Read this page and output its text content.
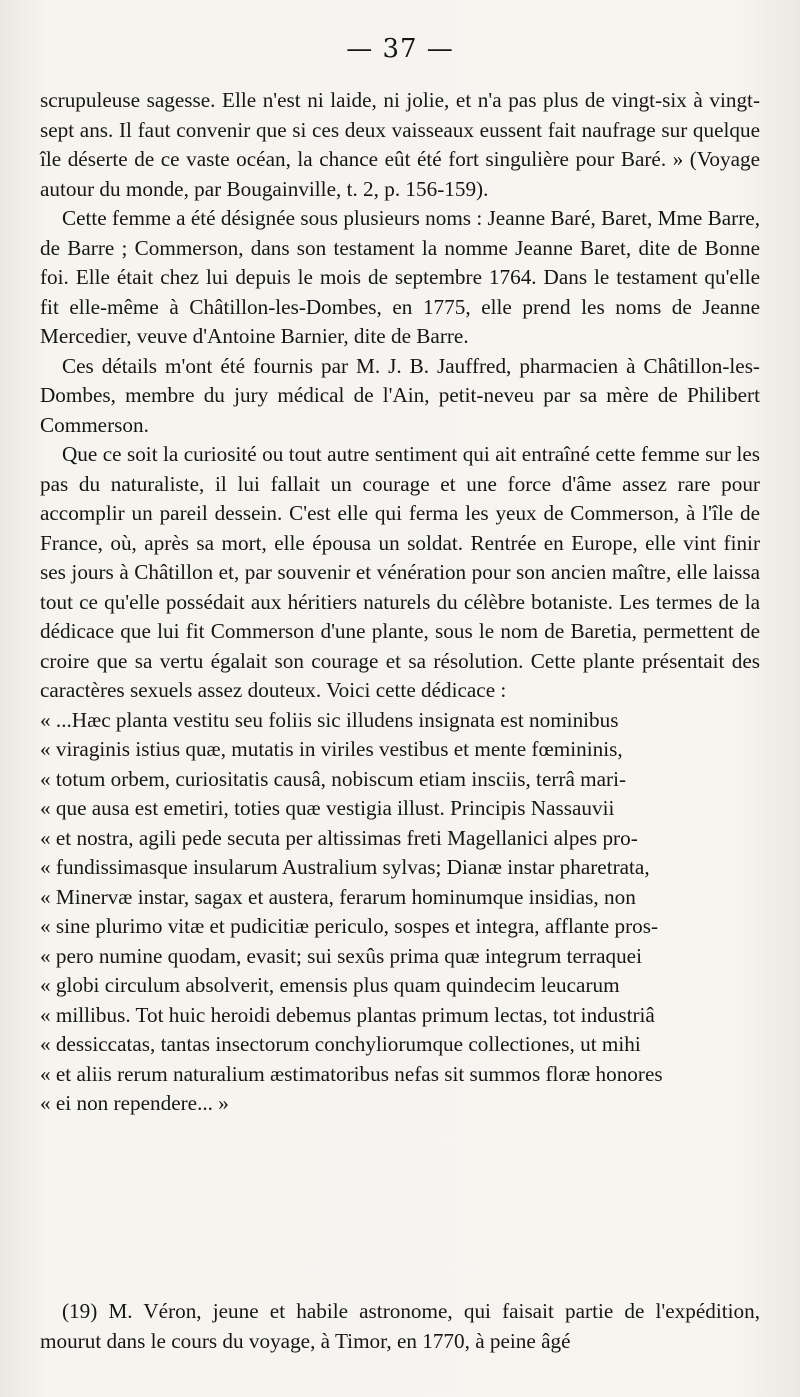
— 37 —

scrupuleuse sagesse. Elle n'est ni laide, ni jolie, et n'a pas plus de vingt-six à vingt-sept ans. Il faut convenir que si ces deux vaisseaux eussent fait naufrage sur quelque île déserte de ce vaste océan, la chance eût été fort singulière pour Baré. » (Voyage autour du monde, par Bougainville, t. 2, p. 156-159).

Cette femme a été désignée sous plusieurs noms : Jeanne Baré, Baret, Mme Barre, de Barre ; Commerson, dans son testament la nomme Jeanne Baret, dite de Bonne foi. Elle était chez lui depuis le mois de septembre 1764. Dans le testament qu'elle fit elle-même à Châtillon-les-Dombes, en 1775, elle prend les noms de Jeanne Mercedier, veuve d'Antoine Barnier, dite de Barre.

Ces détails m'ont été fournis par M. J. B. Jauffred, pharmacien à Châtillon-les-Dombes, membre du jury médical de l'Ain, petit-neveu par sa mère de Philibert Commerson.

Que ce soit la curiosité ou tout autre sentiment qui ait entraîné cette femme sur les pas du naturaliste, il lui fallait un courage et une force d'âme assez rare pour accomplir un pareil dessein. C'est elle qui ferma les yeux de Commerson, à l'île de France, où, après sa mort, elle épousa un soldat. Rentrée en Europe, elle vint finir ses jours à Châtillon et, par souvenir et vénération pour son ancien maître, elle laissa tout ce qu'elle possédait aux héritiers naturels du célèbre botaniste. Les termes de la dédicace que lui fit Commerson d'une plante, sous le nom de Baretia, permettent de croire que sa vertu égalait son courage et sa résolution. Cette plante présentait des caractères sexuels assez douteux. Voici cette dédicace :

« ...Hæc planta vestitu seu foliis sic illudens insignata est nominibus
« viraginis istius quæ, mutatis in viriles vestibus et mente fœmininis,
« totum orbem, curiositatis causâ, nobiscum etiam insciis, terrâ mari-
« que ausa est emetiri, toties quæ vestigia illust. Principis Nassauvii
« et nostra, agili pede secuta per altissimas freti Magellanici alpes pro-
« fundissimasque insularum Australium sylvas; Dianæ instar pharetrata,
« Minervæ instar, sagax et austera, ferarum hominumque insidias, non
« sine plurimo vitæ et pudicitiæ periculo, sospes et integra, afflante pros-
« pero numine quodam, evasit; sui sexûs prima quæ integrum terraquei
« globi circulum absolverit, emensis plus quam quindecim leucarum
« millibus. Tot huic heroidi debemus plantas primum lectas, tot industriâ
« dessiccatas, tantas insectorum conchyliorumque collectiones, ut mihi
« et aliis rerum naturalium æstimatoribus nefas sit summos floræ honores
« ei non rependere... »

(19) M. Véron, jeune et habile astronome, qui faisait partie de l'expédition, mourut dans le cours du voyage, à Timor, en 1770, à peine âgé
